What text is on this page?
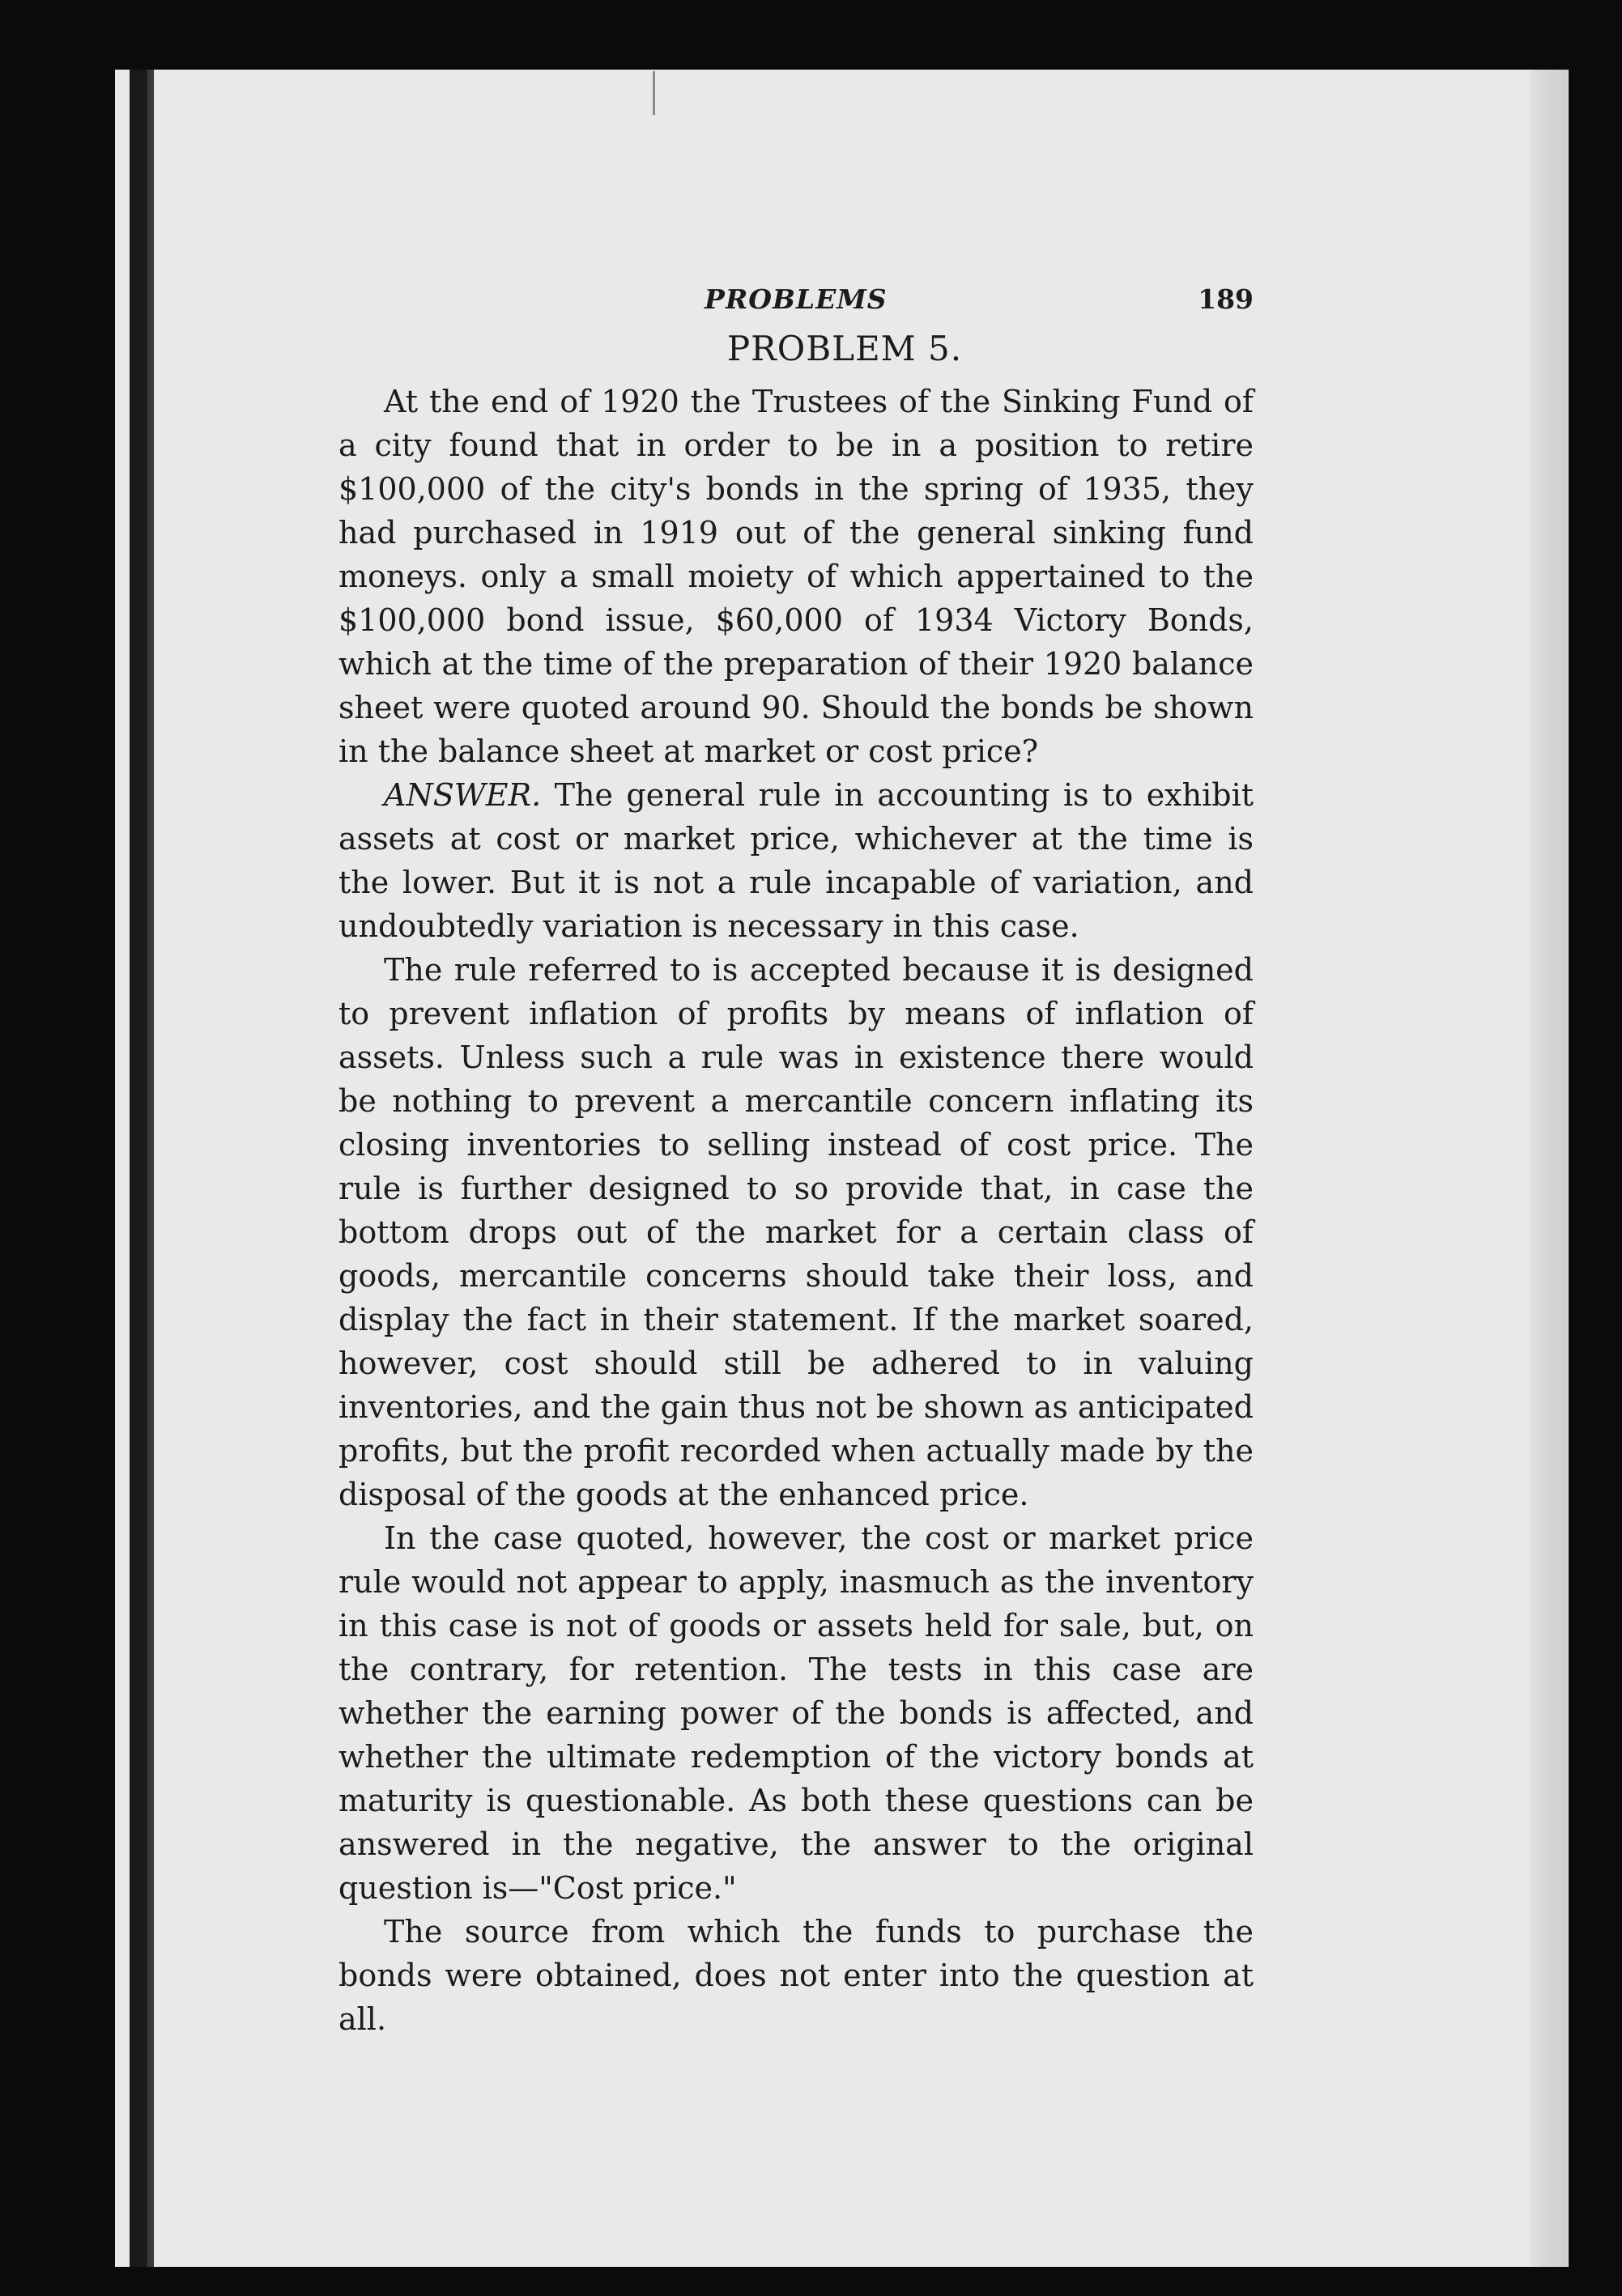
PROBLEMS	189
PROBLEM 5.

At the end of 1920 the Trustees of the Sinking Fund of a city found that in order to be in a position to retire $100,000 of the city's bonds in the spring of 1935, they had purchased in 1919 out of the general sinking fund moneys. only a small moiety of which appertained to the $100,000 bond issue, $60,000 of 1934 Victory Bonds, which at the time of the preparation of their 1920 balance sheet were quoted around 90. Should the bonds be shown in the balance sheet at market or cost price?

ANSWER. The general rule in accounting is to exhibit assets at cost or market price, whichever at the time is the lower. But it is not a rule incapable of variation, and undoubtedly variation is necessary in this case.

The rule referred to is accepted because it is designed to prevent inflation of profits by means of inflation of assets. Unless such a rule was in existence there would be nothing to prevent a mercantile concern inflating its closing inventories to selling instead of cost price. The rule is further designed to so provide that, in case the bottom drops out of the market for a certain class of goods, mercantile concerns should take their loss, and display the fact in their statement. If the market soared, however, cost should still be adhered to in valuing inventories, and the gain thus not be shown as anticipated profits, but the profit recorded when actually made by the disposal of the goods at the enhanced price.

In the case quoted, however, the cost or market price rule would not appear to apply, inasmuch as the inventory in this case is not of goods or assets held for sale, but, on the contrary, for retention. The tests in this case are whether the earning power of the bonds is affected, and whether the ultimate redemption of the victory bonds at maturity is questionable. As both these questions can be answered in the negative, the answer to the original question is—"Cost price."

The source from which the funds to purchase the bonds were obtained, does not enter into the question at all.
